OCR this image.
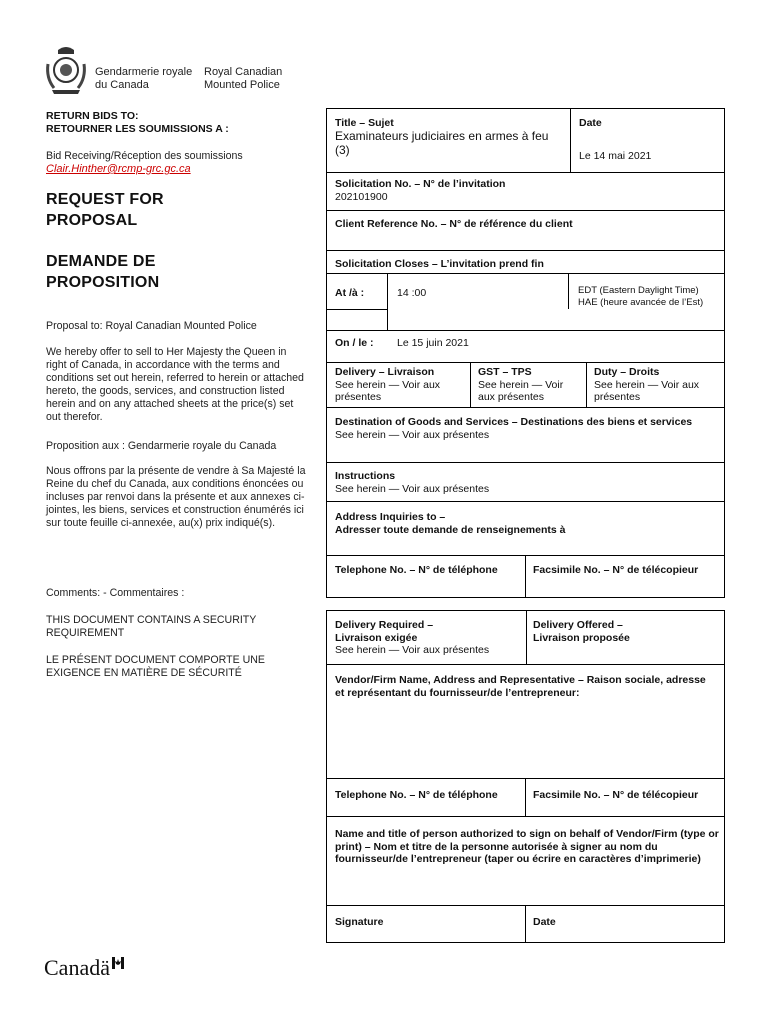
Gendarmerie royale
du Canada
Royal Canadian
Mounted Police
RETURN BIDS TO:
RETOURNER LES SOUMISSIONS A :
Bid Receiving/Réception des soumissions
Clair.Hinther@rcmp-grc.gc.ca
REQUEST FOR
PROPOSAL
DEMANDE DE
PROPOSITION
Proposal to: Royal Canadian Mounted Police
We hereby offer to sell to Her Majesty the Queen in right of Canada, in accordance with the terms and conditions set out herein, referred to herein or attached hereto, the goods, services, and construction listed herein and on any attached sheets at the price(s) set out therefor.
Proposition aux : Gendarmerie royale du Canada
Nous offrons par la présente de vendre à Sa Majesté la Reine du chef du Canada, aux conditions énoncées ou incluses par renvoi dans la présente et aux annexes ci-jointes, les biens, services et construction énumérés ici sur toute feuille ci-annexée, au(x) prix indiqué(s).
Comments: - Commentaires :
THIS DOCUMENT CONTAINS A SECURITY REQUIREMENT
LE PRÉSENT DOCUMENT COMPORTE UNE EXIGENCE EN MATIÈRE DE SÉCURITÉ
Title – Sujet
Examinateurs judiciaires en armes à feu (3)
Date
Le 14 mai 2021
Solicitation No. – N° de l’invitation
202101900
Client Reference No. – N° de référence du client
Solicitation Closes – L’invitation prend fin
At /à :	14 :00	EDT (Eastern Daylight Time)
HAE (heure avancée de l’Est)
On / le : Le 15 juin 2021
Delivery – Livraison
See herein — Voir aux présentes
GST – TPS
See herein — Voir aux présentes
Duty – Droits
See herein — Voir aux présentes
Destination of Goods and Services – Destinations des biens et services
See herein — Voir aux présentes
Instructions
See herein — Voir aux présentes
Address Inquiries to –
Adresser toute demande de renseignements à
Telephone No. – N° de téléphone	Facsimile No. – N° de télécopieur
Delivery Required –
Livraison exigée
See herein — Voir aux présentes
Delivery Offered –
Livraison proposée
Vendor/Firm Name, Address and Representative – Raison sociale, adresse et représentant du fournisseur/de l’entrepreneur:
Telephone No. – N° de téléphone	Facsimile No. – N° de télécopieur
Name and title of person authorized to sign on behalf of Vendor/Firm (type or print) – Nom et titre de la personne autorisée à signer au nom du fournisseur/de l’entrepreneur (taper ou écrire en caractères d’imprimerie)
Signature	Date
Canadä
